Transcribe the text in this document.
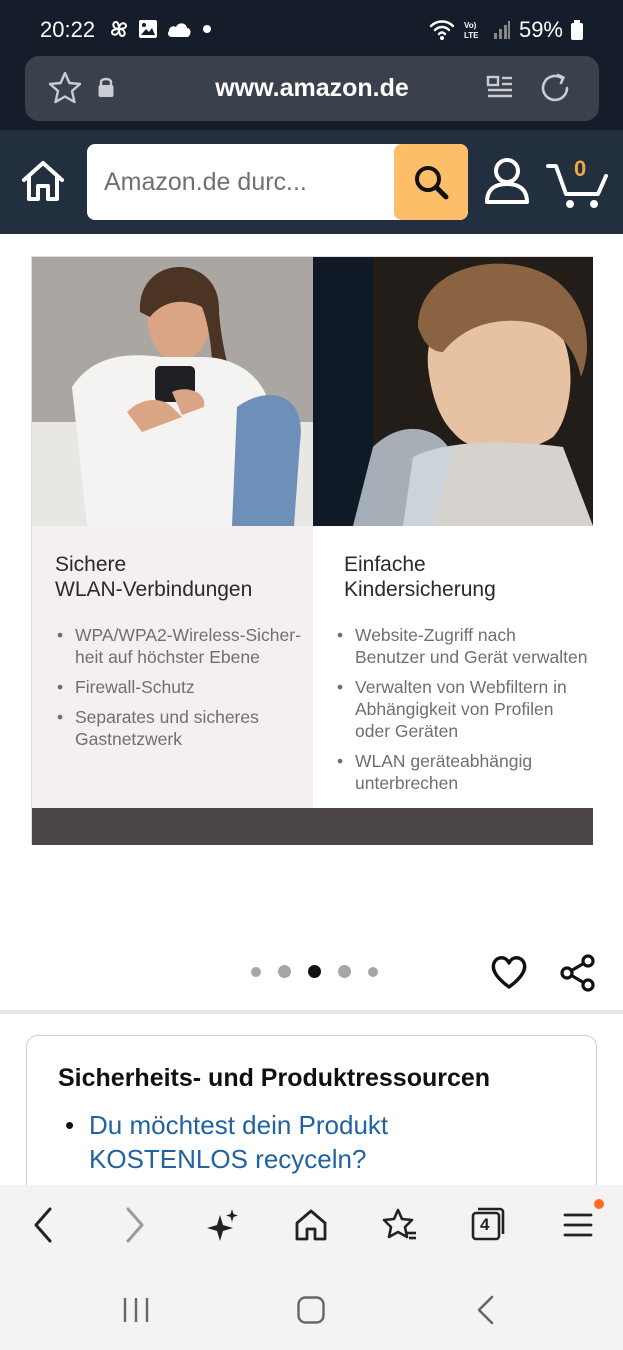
20:22	Vo)
LTE 59%
www.amazon.de
Amazon.de durc...
0
Sichere
WLAN-Verbindungen
• WPA/WPA2-Wireless-Sicher-
heit auf höchster Ebene
• Firewall-Schutz
• Separates und sicheres
Gastnetzwerk
Einfache
Kindersicherung
• Website-Zugriff nach
Benutzer und Gerät verwalten
• Verwalten von Webfiltern in
Abhängigkeit von Profilen
oder Geräten
• WLAN geräteabhängig
unterbrechen
Sicherheits- und Produktressourcen
• Du möchtest dein Produkt
KOSTENLOS recyceln?
4
